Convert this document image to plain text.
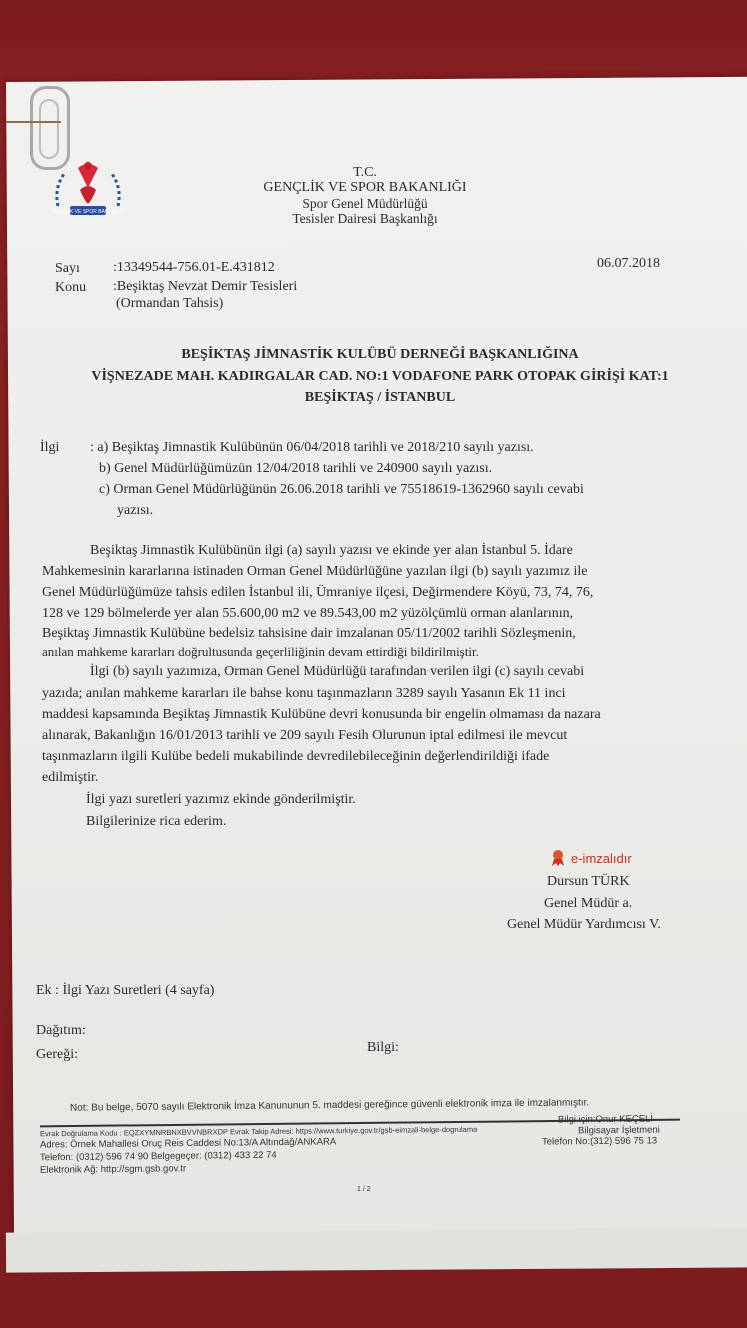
GENÇLİK VE SPOR BAKANLIĞI
T.C.
GENÇLİK VE SPOR BAKANLIĞI
Spor Genel Müdürlüğü
Tesisler Dairesi Başkanlığı
Sayı :13349544-756.01-E.431812	06.07.2018
Konu :Beşiktaş Nevzat Demir Tesisleri
(Ormandan Tahsis)
BEŞİKTAŞ JİMNASTİK KULÜBÜ DERNEĞİ BAŞKANLIĞINA
VİŞNEZADE MAH. KADIRGALAR CAD. NO:1 VODAFONE PARK OTOPAK GİRİŞİ KAT:1
BEŞİKTAŞ / İSTANBUL
İlgi : a) Beşiktaş Jimnastik Kulübünün 06/04/2018 tarihli ve 2018/210 sayılı yazısı.
b) Genel Müdürlüğümüzün 12/04/2018 tarihli ve 240900 sayılı yazısı.
c) Orman Genel Müdürlüğünün 26.06.2018 tarihli ve 75518619-1362960 sayılı cevabi
yazısı.
Beşiktaş Jimnastik Kulübünün ilgi (a) sayılı yazısı ve ekinde yer alan İstanbul 5. İdare
Mahkemesinin kararlarına istinaden Orman Genel Müdürlüğüne yazılan ilgi (b) sayılı yazımız ile
Genel Müdürlüğümüze tahsis edilen İstanbul ili, Ümraniye ilçesi, Değirmendere Köyü, 73, 74, 76,
128 ve 129 bölmelerde yer alan 55.600,00 m2 ve 89.543,00 m2 yüzölçümlü orman alanlarının,
Beşiktaş Jimnastik Kulübüne bedelsiz tahsisine dair imzalanan 05/11/2002 tarihli Sözleşmenin,
anılan mahkeme kararları doğrultusunda geçerliliğinin devam ettirdiği bildirilmiştir.
İlgi (b) sayılı yazımıza, Orman Genel Müdürlüğü tarafından verilen ilgi (c) sayılı cevabi
yazıda; anılan mahkeme kararları ile bahse konu taşınmazların 3289 sayılı Yasanın Ek 11 inci
maddesi kapsamında Beşiktaş Jimnastik Kulübüne devri konusunda bir engelin olmaması da nazara
alınarak, Bakanlığın 16/01/2013 tarihli ve 209 sayılı Fesih Olurunun iptal edilmesi ile mevcut
taşınmazların ilgili Kulübe bedeli mukabilinde devredilebileceğinin değerlendirildiği ifade
edilmiştir.
İlgi yazı suretleri yazımız ekinde gönderilmiştir.
Bilgilerinize rica ederim.
e-imzalıdır
Dursun TÜRK
Genel Müdür a.
Genel Müdür Yardımcısı V.
Ek : İlgi Yazı Suretleri (4 sayfa)
Dağıtım:
Gereği:	Bilgi:
Not: Bu belge, 5070 sayılı Elektronik İmza Kanununun 5. maddesi gereğince güvenli elektronik imza ile imzalanmıştır.
Evrak Doğrulama Kodu : EQZXYMNRBNXBVVNBRXDP Evrak Takip Adresi: https://www.turkiye.gov.tr/gsb-eimzali-belge-dogrulama
Adres: Örnek Mahallesi Oruç Reis Caddesi No:13/A Altındağ/ANKARA
Telefon: (0312) 596 74 90 Belgegeçer: (0312) 433 22 74
Elektronik Ağ: http://sgm.gsb.gov.tr
Bilgi için:Onur KEÇELİ
Bilgisayar İşletmeni
Telefon No:(312) 596 75 13
1 / 2
